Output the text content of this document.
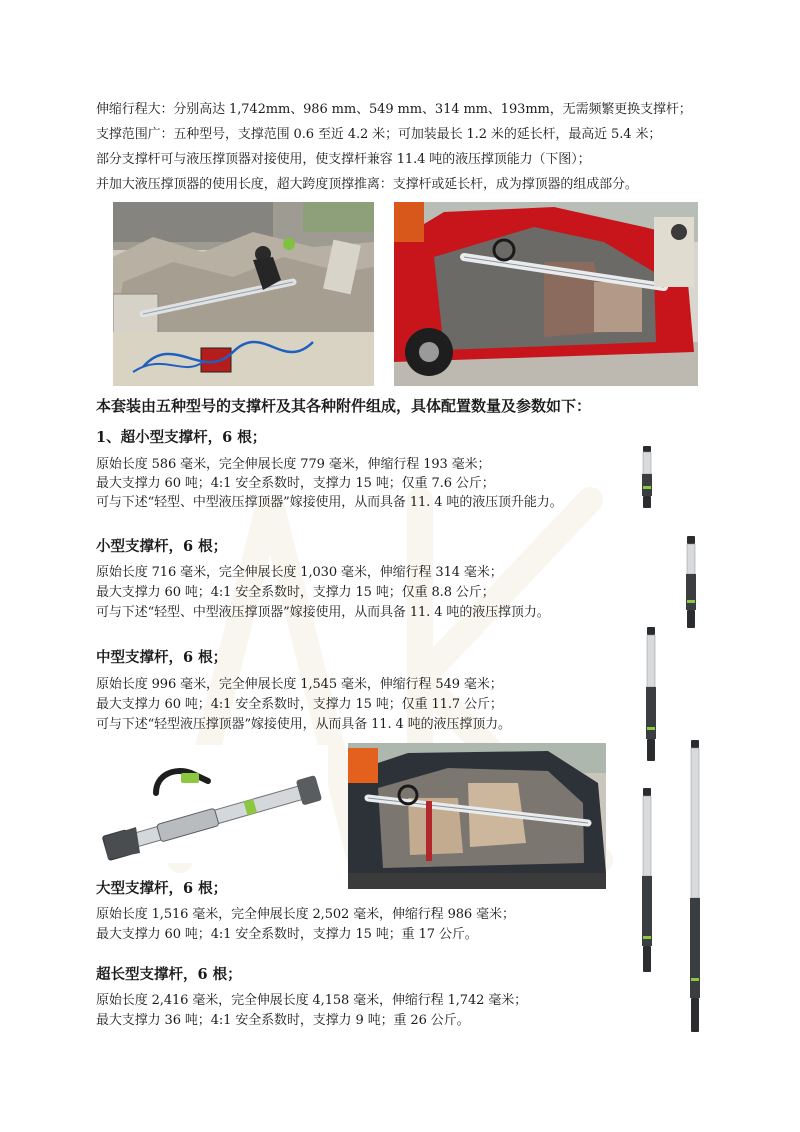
伸缩行程大：分别高达 1,742mm、986 mm、549 mm、314 mm、193mm，无需频繁更换支撑杆；
支撑范围广：五种型号，支撑范围 0.6 至近 4.2 米；可加装最长 1.2 米的延长杆，最高近 5.4 米；
部分支撑杆可与液压撑顶器对接使用，使支撑杆兼容 11.4 吨的液压撑顶能力（下图）；
并加大液压撑顶器的使用长度，超大跨度顶撑推离：支撑杆或延长杆，成为撑顶器的组成部分。
本套装由五种型号的支撑杆及其各种附件组成，具体配置数量及参数如下：
1、超小型支撑杆，6 根；
原始长度 586 毫米，完全伸展长度 779 毫米，伸缩行程 193 毫米；
最大支撑力 60 吨；4:1 安全系数时，支撑力 15 吨；仅重 7.6 公斤；
可与下述“轻型、中型液压撑顶器”嫁接使用，从而具备 11. 4 吨的液压顶升能力。
小型支撑杆，6 根；
原始长度 716 毫米，完全伸展长度 1,030 毫米，伸缩行程 314 毫米；
最大支撑力 60 吨；4:1 安全系数时，支撑力 15 吨；仅重 8.8 公斤；
可与下述“轻型、中型液压撑顶器”嫁接使用，从而具备 11. 4 吨的液压撑顶力。
中型支撑杆，6 根；
原始长度 996 毫米，完全伸展长度 1,545 毫米，伸缩行程 549 毫米；
最大支撑力 60 吨；4:1 安全系数时，支撑力 15 吨；仅重 11.7 公斤；
可与下述“轻型液压撑顶器”嫁接使用，从而具备 11. 4 吨的液压撑顶力。
大型支撑杆，6 根；
原始长度 1,516 毫米，完全伸展长度 2,502 毫米，伸缩行程 986 毫米；
最大支撑力 60 吨；4:1 安全系数时，支撑力 15 吨；重 17 公斤。
超长型支撑杆，6 根；
原始长度 2,416 毫米，完全伸展长度 4,158 毫米，伸缩行程 1,742 毫米；
最大支撑力 36 吨；4:1 安全系数时，支撑力 9 吨；重 26 公斤。
